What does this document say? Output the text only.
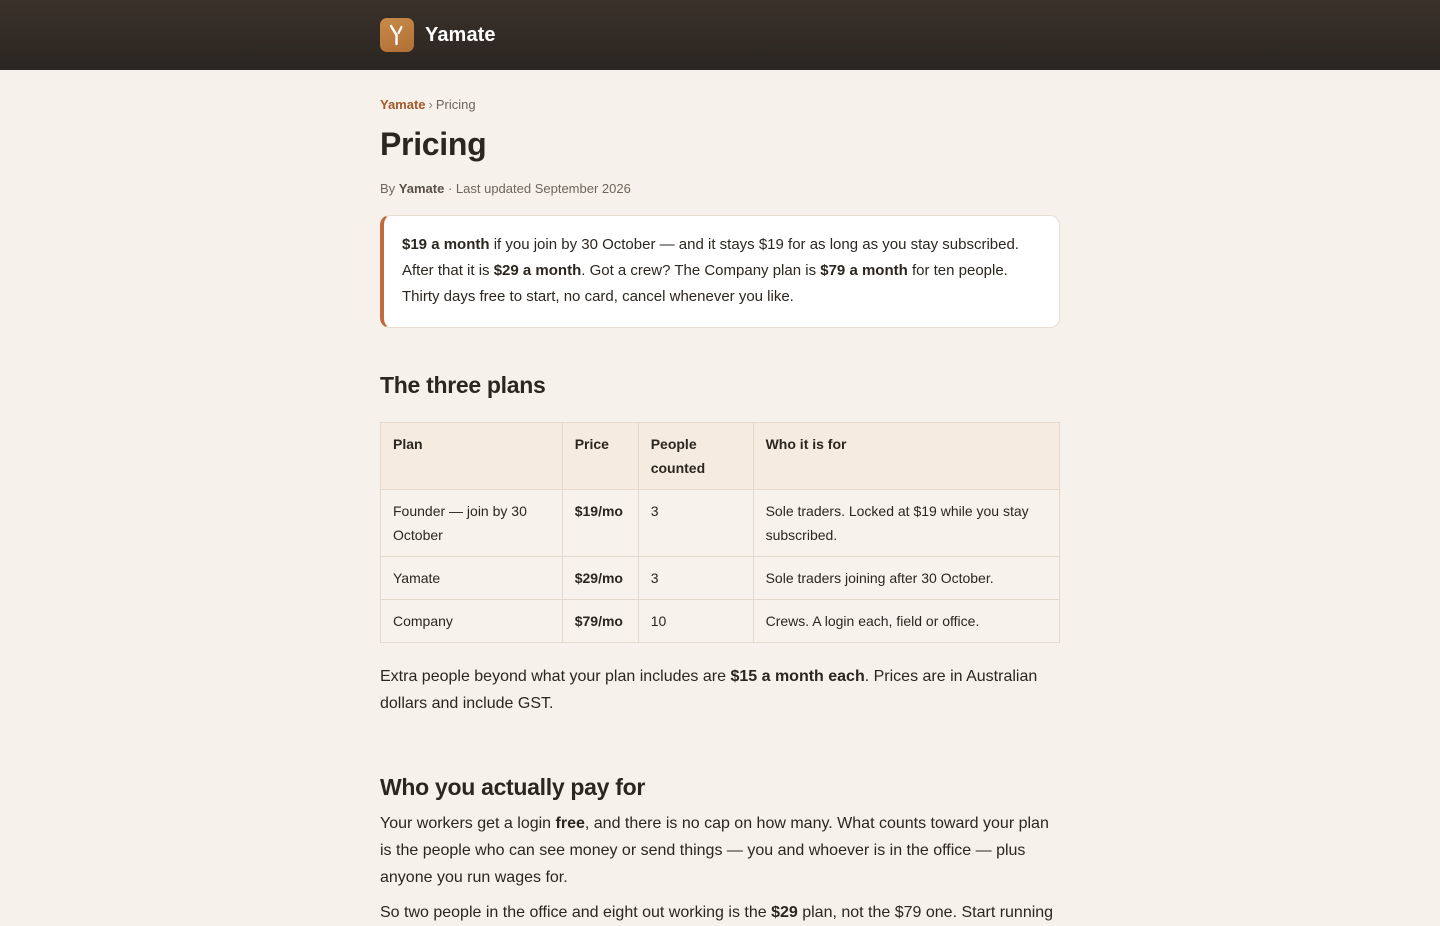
Yamate
Yamate › Pricing
Pricing
By Yamate · Last updated September 2026
$19 a month if you join by 30 October — and it stays $19 for as long as you stay subscribed. After that it is $29 a month. Got a crew? The Company plan is $79 a month for ten people. Thirty days free to start, no card, cancel whenever you like.
The three plans
Plan	Price	People counted	Who it is for
Founder — join by 30 October	$19/mo	3	Sole traders. Locked at $19 while you stay subscribed.
Yamate	$29/mo	3	Sole traders joining after 30 October.
Company	$79/mo	10	Crews. A login each, field or office.

Extra people beyond what your plan includes are $15 a month each. Prices are in Australian dollars and include GST.

Who you actually pay for

Your workers get a login free, and there is no cap on how many. What counts toward your plan is the people who can see money or send things — you and whoever is in the office — plus anyone you run wages for.

So two people in the office and eight out working is the $29 plan, not the $79 one. Start running
